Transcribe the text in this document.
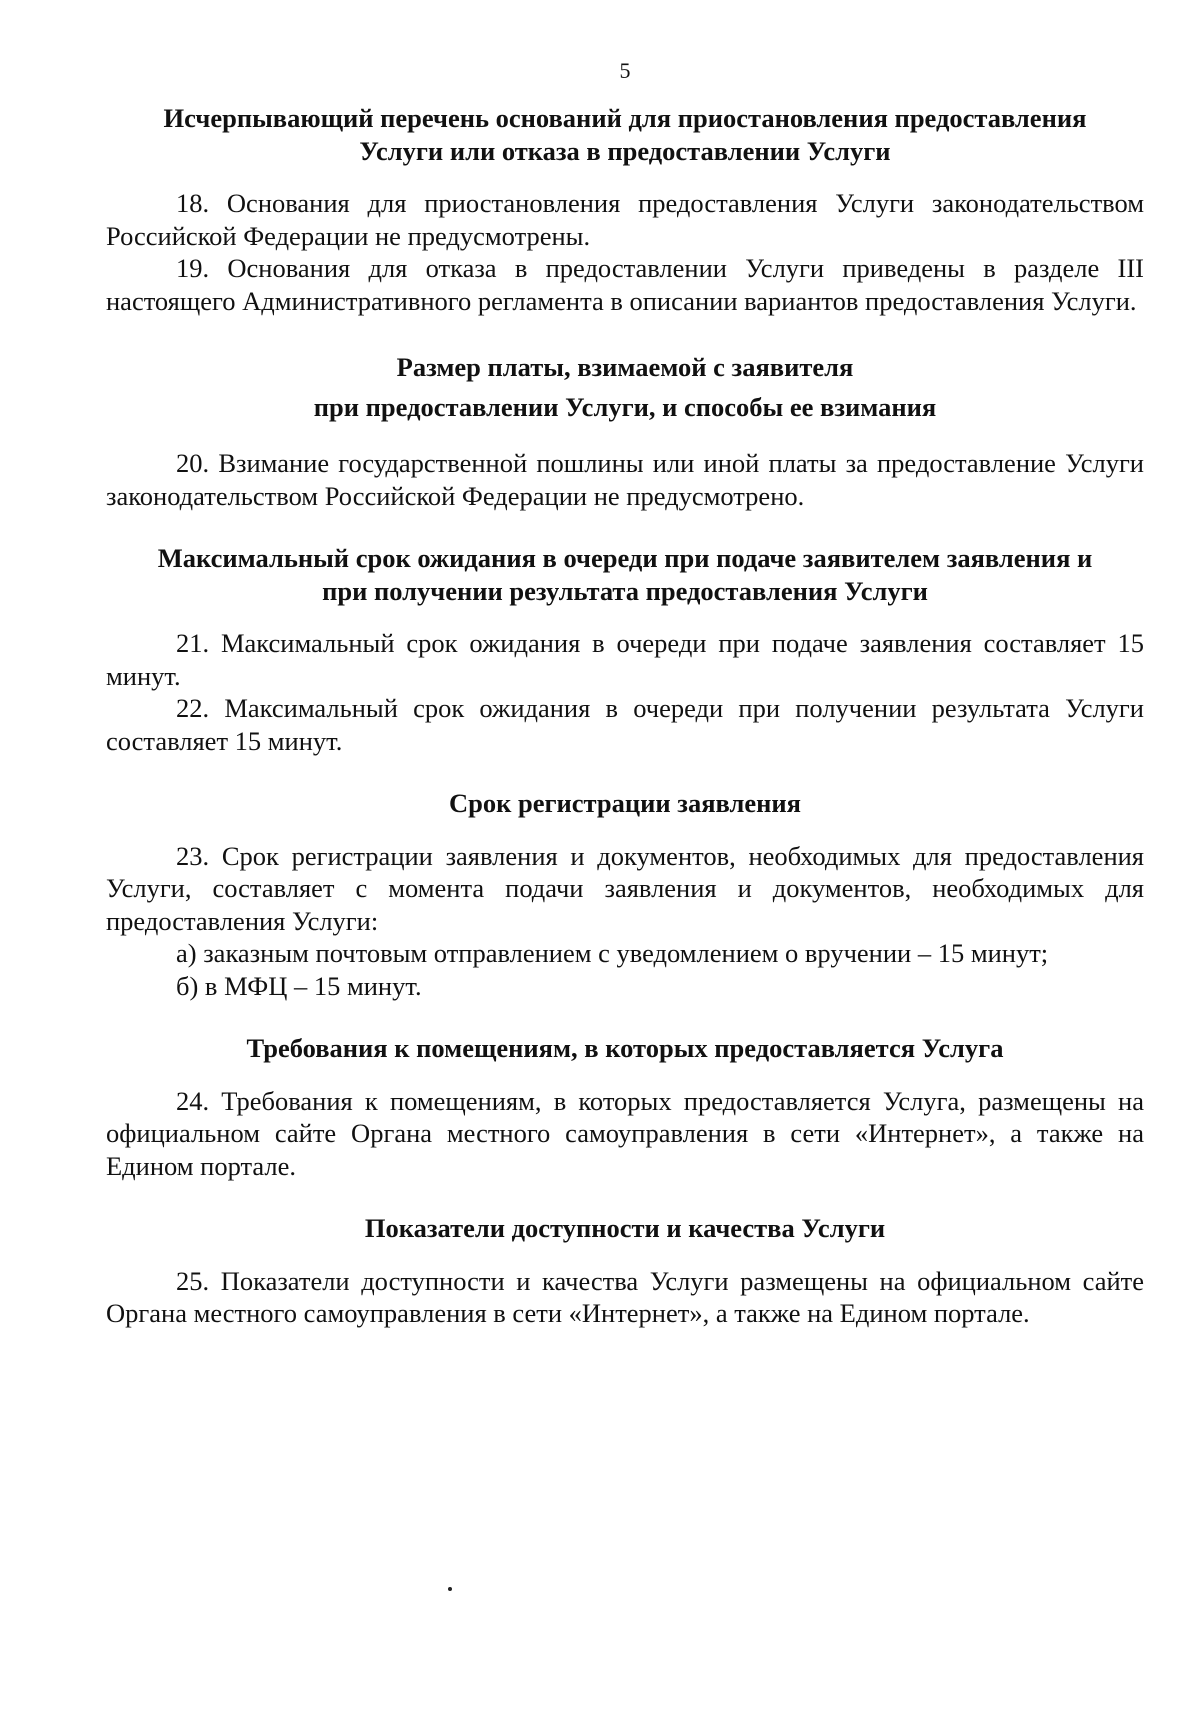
5
Исчерпывающий перечень оснований для приостановления предоставления
Услуги или отказа в предоставлении Услуги

18. Основания для приостановления предоставления Услуги законодательством Российской Федерации не предусмотрены.

19. Основания для отказа в предоставлении Услуги приведены в разделе III настоящего Административного регламента в описании вариантов предоставления Услуги.

Размер платы, взимаемой с заявителя
при предоставлении Услуги, и способы ее взимания

20. Взимание государственной пошлины или иной платы за предоставление Услуги законодательством Российской Федерации не предусмотрено.

Максимальный срок ожидания в очереди при подаче заявителем заявления и
при получении результата предоставления Услуги

21. Максимальный срок ожидания в очереди при подаче заявления составляет 15 минут.

22. Максимальный срок ожидания в очереди при получении результата Услуги составляет 15 минут.

Срок регистрации заявления

23. Срок регистрации заявления и документов, необходимых для предоставления Услуги, составляет с момента подачи заявления и документов, необходимых для предоставления Услуги:

а) заказным почтовым отправлением с уведомлением о вручении – 15 минут;

б) в МФЦ – 15 минут.

Требования к помещениям, в которых предоставляется Услуга

24. Требования к помещениям, в которых предоставляется Услуга, размещены на официальном сайте Органа местного самоуправления в сети «Интернет», а также на Едином портале.

Показатели доступности и качества Услуги

25. Показатели доступности и качества Услуги размещены на официальном сайте Органа местного самоуправления в сети «Интернет», а также на Едином портале.
